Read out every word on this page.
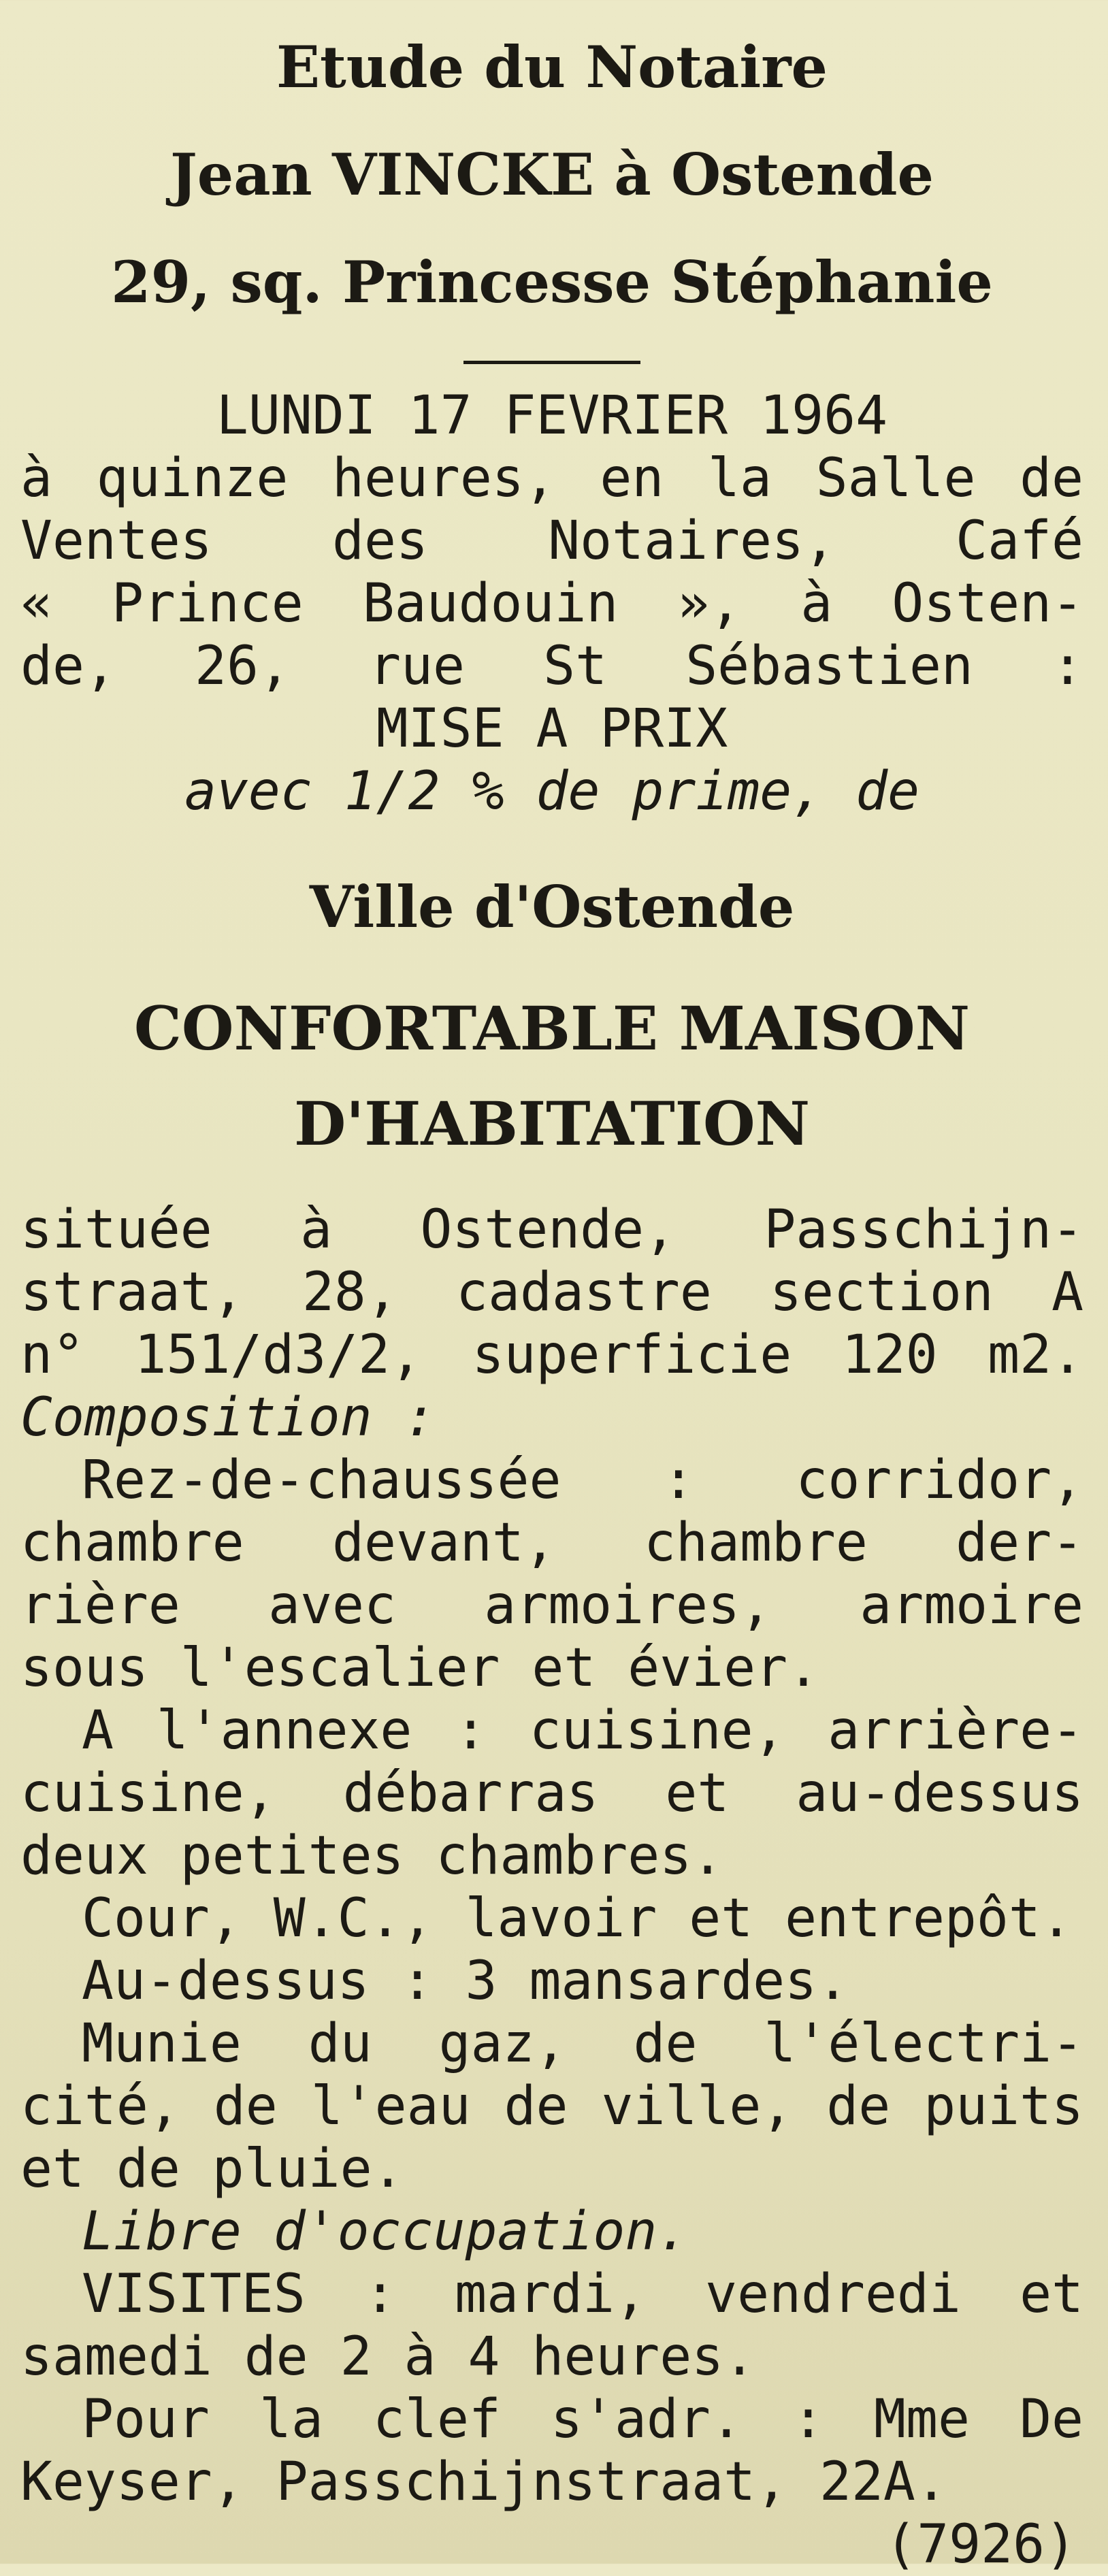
Etude du Notaire

Jean VINCKE à Ostende

29, sq. Princesse Stéphanie

LUNDI 17 FEVRIER 1964

à quinze heures, en la Salle de

Ventes des Notaires, Café

« Prince Baudouin », à Osten-

de, 26, rue St Sébastien :

MISE A PRIX

avec 1/2 % de prime, de

Ville d'Ostende

CONFORTABLE MAISON

D'HABITATION

située à Ostende, Passchijn-

straat, 28, cadastre section A

n° 151/d3/2, superficie 120 m2.

Composition :

Rez-de-chaussée : corridor,

chambre devant, chambre der-

rière avec armoires, armoire

sous l'escalier et évier.

A l'annexe : cuisine, arrière-

cuisine, débarras et au-dessus

deux petites chambres.

Cour, W.C., lavoir et entrepôt.

Au-dessus : 3 mansardes.

Munie du gaz, de l'électri-

cité, de l'eau de ville, de puits

et de pluie.

Libre d'occupation.

VISITES : mardi, vendredi et

samedi de 2 à 4 heures.

Pour la clef s'adr. : Mme De

Keyser, Passchijnstraat, 22A.

(7926)
